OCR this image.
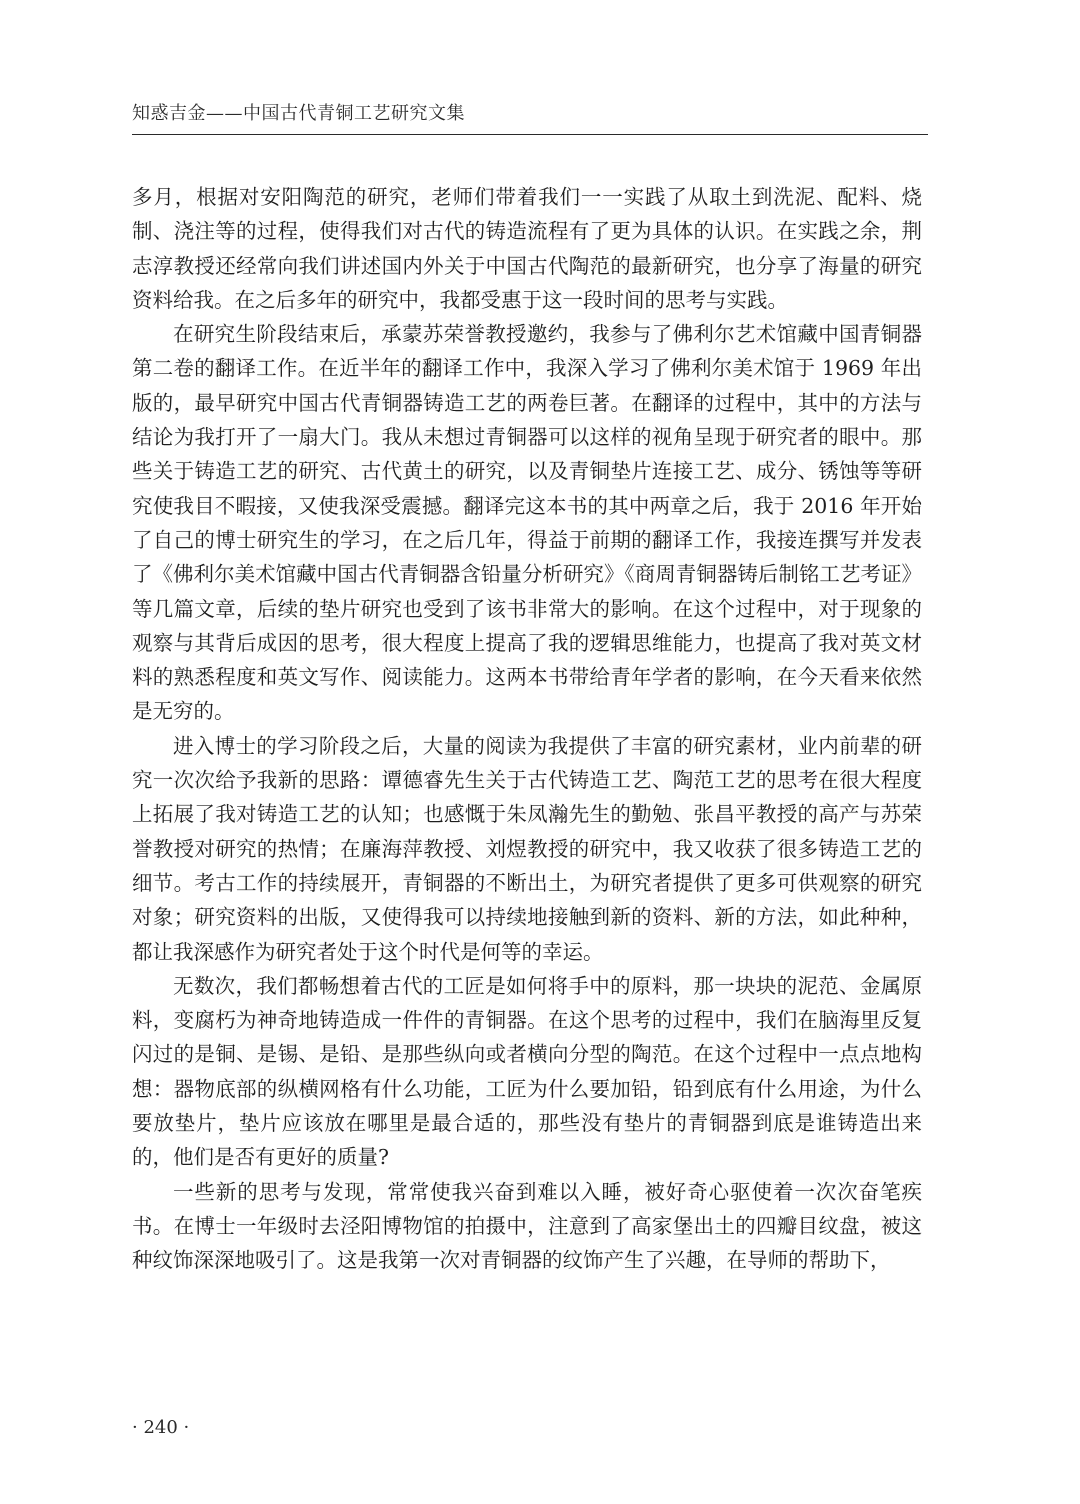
知惑吉金——中国古代青铜工艺研究文集

多月，根据对安阳陶范的研究，老师们带着我们一一实践了从取土到洗泥、配料、烧制、浇注等的过程，使得我们对古代的铸造流程有了更为具体的认识。在实践之余，荆志淳教授还经常向我们讲述国内外关于中国古代陶范的最新研究，也分享了海量的研究资料给我。在之后多年的研究中，我都受惠于这一段时间的思考与实践。

在研究生阶段结束后，承蒙苏荣誉教授邀约，我参与了佛利尔艺术馆藏中国青铜器第二卷的翻译工作。在近半年的翻译工作中，我深入学习了佛利尔美术馆于 1969 年出版的，最早研究中国古代青铜器铸造工艺的两卷巨著。在翻译的过程中，其中的方法与结论为我打开了一扇大门。我从未想过青铜器可以这样的视角呈现于研究者的眼中。那些关于铸造工艺的研究、古代黄土的研究，以及青铜垫片连接工艺、成分、锈蚀等等研究使我目不暇接，又使我深受震撼。翻译完这本书的其中两章之后，我于 2016 年开始了自己的博士研究生的学习，在之后几年，得益于前期的翻译工作，我接连撰写并发表了《佛利尔美术馆藏中国古代青铜器含铅量分析研究》《商周青铜器铸后制铭工艺考证》等几篇文章，后续的垫片研究也受到了该书非常大的影响。在这个过程中，对于现象的观察与其背后成因的思考，很大程度上提高了我的逻辑思维能力，也提高了我对英文材料的熟悉程度和英文写作、阅读能力。这两本书带给青年学者的影响，在今天看来依然是无穷的。

进入博士的学习阶段之后，大量的阅读为我提供了丰富的研究素材，业内前辈的研究一次次给予我新的思路：谭德睿先生关于古代铸造工艺、陶范工艺的思考在很大程度上拓展了我对铸造工艺的认知；也感慨于朱凤瀚先生的勤勉、张昌平教授的高产与苏荣誉教授对研究的热情；在廉海萍教授、刘煜教授的研究中，我又收获了很多铸造工艺的细节。考古工作的持续展开，青铜器的不断出土，为研究者提供了更多可供观察的研究对象；研究资料的出版，又使得我可以持续地接触到新的资料、新的方法，如此种种，都让我深感作为研究者处于这个时代是何等的幸运。

无数次，我们都畅想着古代的工匠是如何将手中的原料，那一块块的泥范、金属原料，变腐朽为神奇地铸造成一件件的青铜器。在这个思考的过程中，我们在脑海里反复闪过的是铜、是锡、是铅、是那些纵向或者横向分型的陶范。在这个过程中一点点地构想：器物底部的纵横网格有什么功能，工匠为什么要加铅，铅到底有什么用途，为什么要放垫片，垫片应该放在哪里是最合适的，那些没有垫片的青铜器到底是谁铸造出来的，他们是否有更好的质量?

一些新的思考与发现，常常使我兴奋到难以入睡，被好奇心驱使着一次次奋笔疾书。在博士一年级时去泾阳博物馆的拍摄中，注意到了高家堡出土的四瓣目纹盘，被这种纹饰深深地吸引了。这是我第一次对青铜器的纹饰产生了兴趣，在导师的帮助下，

· 240 ·
